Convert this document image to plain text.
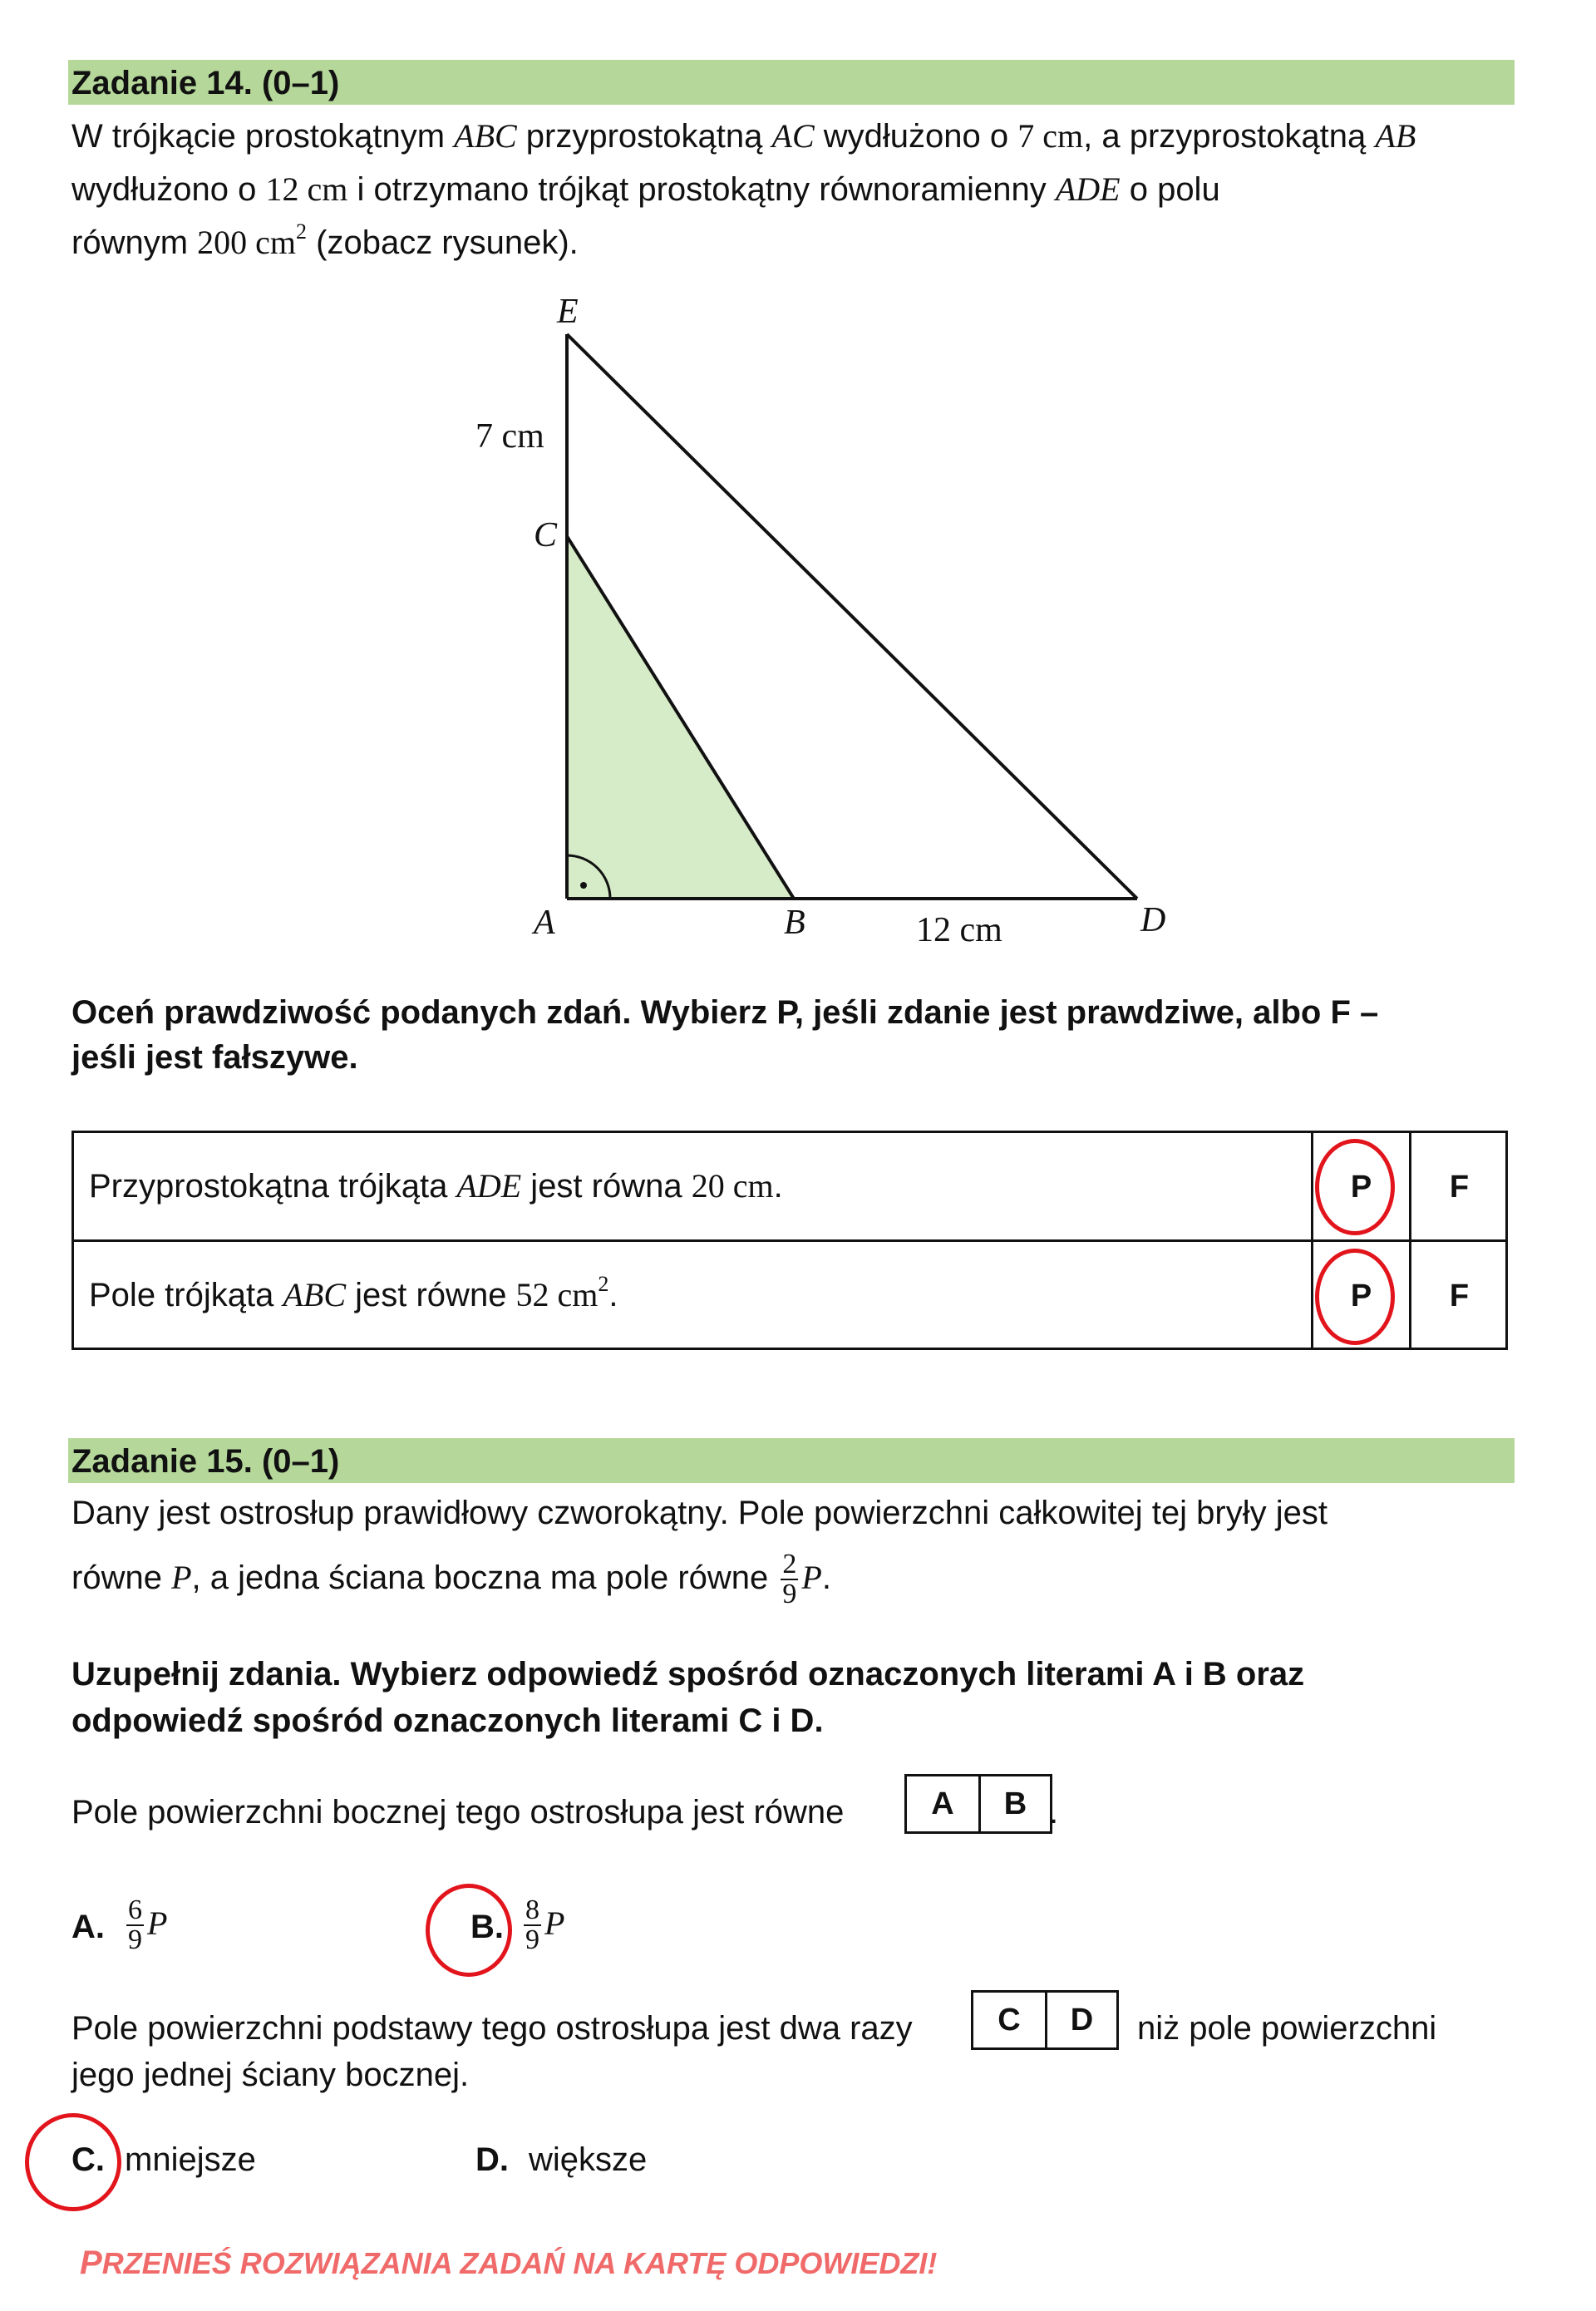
Zadanie 14. (0–1)
W trójkącie prostokątnym ABC przyprostokątną AC wydłużono o 7 cm, a przyprostokątną AB
wydłużono o 12 cm i otrzymano trójkąt prostokątny równoramienny ADE o polu
równym 200 $cm^2$ (zobacz rysunek).
E
C
A	B	D
7 cm
12 cm
Oceń prawdziwość podanych zdań. Wybierz P, jeśli zdanie jest prawdziwe, albo F –
jeśli jest fałszywe.
Przyprostokątna trójkąta ADE jest równa 20 cm.	P	F
Pole trójkąta ABC jest równe 52 $cm^2$.	P	F
Zadanie 15. (0–1)
Dany jest ostrosłup prawidłowy czworokątny. Pole powierzchni całkowitej tej bryły jest
równe P, a jedna ściana boczna ma pole równe $\frac{2}{9} P$.
Uzupełnij zdania. Wybierz odpowiedź spośród oznaczonych literami A i B oraz
odpowiedź spośród oznaczonych literami C i D.
Pole powierzchni bocznej tego ostrosłupa jest równe	A	B .
A. $\frac{6}{9}$ P	B. $\frac{8}{9}$ P
Pole powierzchni podstawy tego ostrosłupa jest dwa razy	C	D	niż pole powierzchni
jego jednej ściany bocznej.
C. mniejsze	D. większe
PRZENIEŚ ROZWIĄZANIA ZADAŃ NA KARTĘ ODPOWIEDZI!
